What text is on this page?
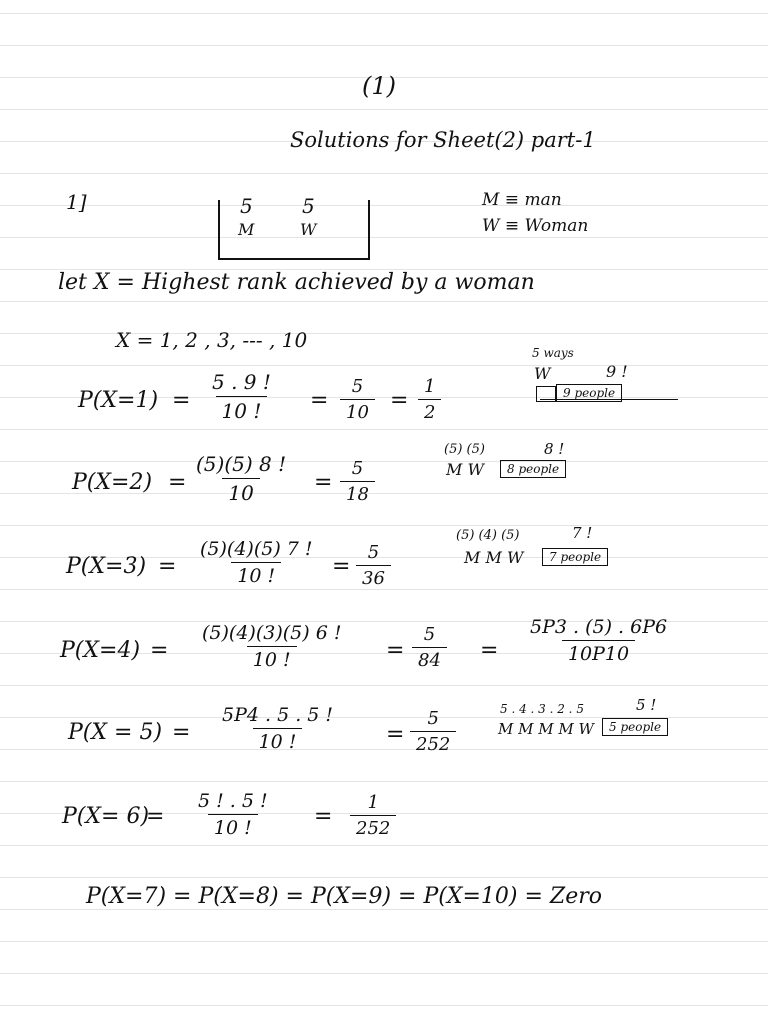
(1)
Solutions for Sheet(2) part-1
1]	5 5
M	W
M ≡ man
W ≡ Woman
let X = Highest rank achieved by a woman
X = 1, 2 , 3, --- , 10
$P(X=1) = \frac{5 . 9 !}{10 !} = \frac{5}{10} = \frac{1}{2}$
5 ways
W	9 !
9 people
$P(X=2) = \frac{(5)(5) 8 !}{10} = \frac{5}{18}$
(5) (5)	8 !
M W	8 people
$P(X=3) = \frac{(5)(4)(5) 7 !}{10 !} = \frac{5}{36}$
(5) (4) (5)	7 !
M M W	7 people
$P(X=4) = \frac{(5)(4)(3)(5) 6 !}{10 !} = \frac{5}{84} = \frac{5P3 . (5) . 6P6}{10P10}$
$P(X = 5) = \frac{5P4 . 5 . 5 !}{10 !} = \frac{5}{252}$	5 . 4 . 3 . 2 . 5	5 !
M M M M W	5 people
P(X= 6)
= $\frac{5 ! . 5 !}{10 !} = \frac{1}{252}$
P(X=7) = P(X=8) = P(X=9) = P(X=10) = Zero
